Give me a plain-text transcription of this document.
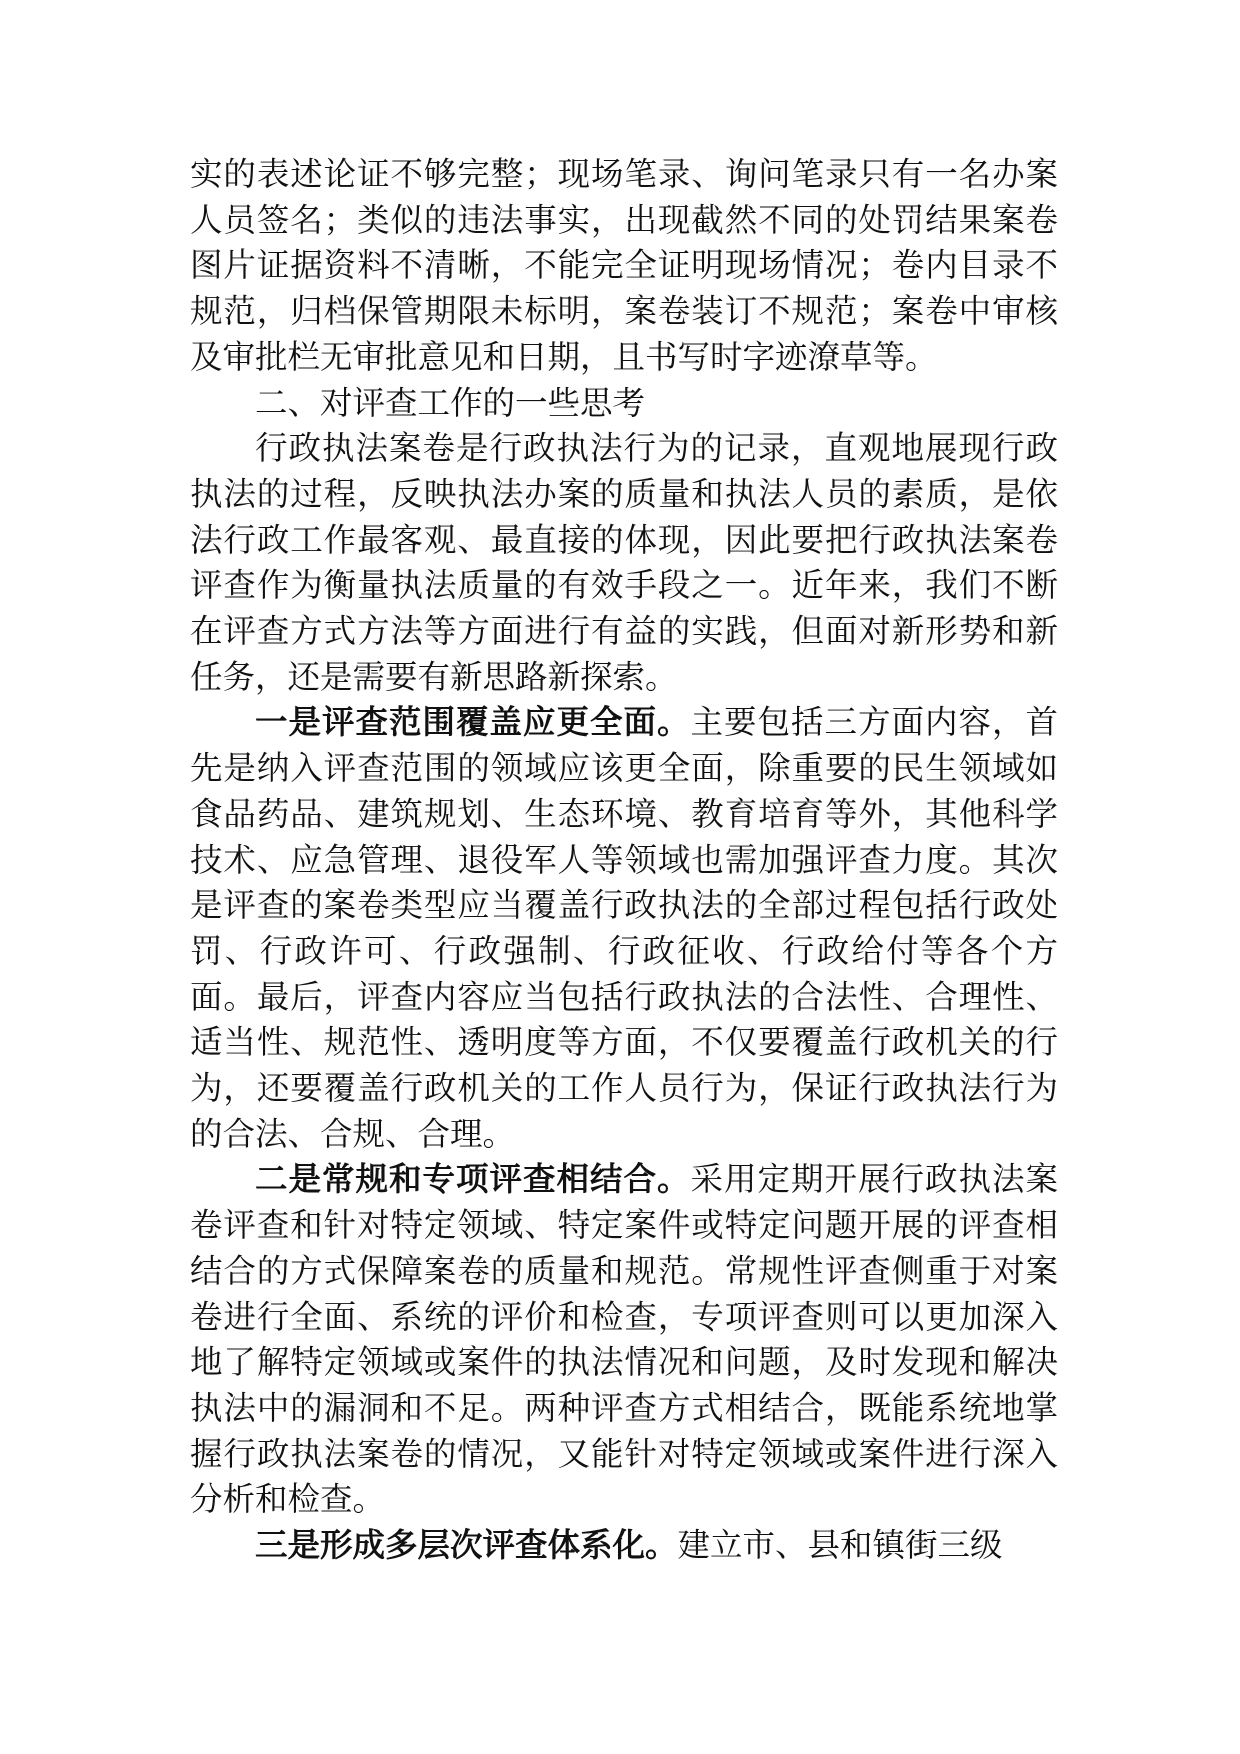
实的表述论证不够完整；现场笔录、询问笔录只有一名办案人员签名；类似的违法事实，出现截然不同的处罚结果案卷图片证据资料不清晰，不能完全证明现场情况；卷内目录不规范，归档保管期限未标明，案卷装订不规范；案卷中审核及审批栏无审批意见和日期，且书写时字迹潦草等。

二、对评查工作的一些思考

行政执法案卷是行政执法行为的记录，直观地展现行政执法的过程，反映执法办案的质量和执法人员的素质，是依法行政工作最客观、最直接的体现，因此要把行政执法案卷评查作为衡量执法质量的有效手段之一。近年来，我们不断在评查方式方法等方面进行有益的实践，但面对新形势和新任务，还是需要有新思路新探索。

一是评查范围覆盖应更全面。主要包括三方面内容，首先是纳入评查范围的领域应该更全面，除重要的民生领域如食品药品、建筑规划、生态环境、教育培育等外，其他科学技术、应急管理、退役军人等领域也需加强评查力度。其次是评查的案卷类型应当覆盖行政执法的全部过程包括行政处罚、行政许可、行政强制、行政征收、行政给付等各个方面。最后，评查内容应当包括行政执法的合法性、合理性、适当性、规范性、透明度等方面，不仅要覆盖行政机关的行为，还要覆盖行政机关的工作人员行为，保证行政执法行为的合法、合规、合理。

二是常规和专项评查相结合。采用定期开展行政执法案卷评查和针对特定领域、特定案件或特定问题开展的评查相结合的方式保障案卷的质量和规范。常规性评查侧重于对案卷进行全面、系统的评价和检查，专项评查则可以更加深入地了解特定领域或案件的执法情况和问题，及时发现和解决执法中的漏洞和不足。两种评查方式相结合，既能系统地掌握行政执法案卷的情况，又能针对特定领域或案件进行深入分析和检查。

三是形成多层次评查体系化。建立市、县和镇街三级
